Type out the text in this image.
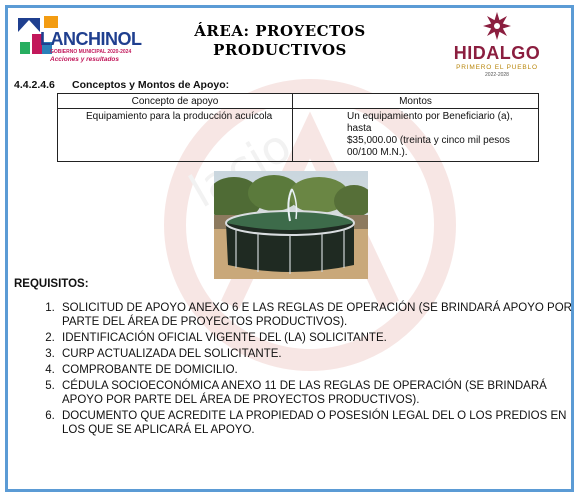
LANCHINOL
GOBIERNO MUNICIPAL 2020-2024
Acciones y resultados
ÁREA: PROYECTOS
PRODUCTIVOS	HIDALGO
PRIMERO EL PUEBLO
2022-2028
4.4.2.4.6 Conceptos y Montos de Apoyo:
Concepto de apoyo	Montos

Equipamiento para la producción acuícola	Un equipamiento por Beneficiario (a),
hasta
$35,000.00 (treinta y cinco mil pesos
00/100 M.N.).
REQUISITOS:
1. SOLICITUD DE APOYO ANEXO 6 E LAS REGLAS DE OPERACIÓN (SE BRINDARÁ APOYO POR PARTE DEL ÁREA DE PROYECTOS PRODUCTIVOS).
2. IDENTIFICACIÓN OFICIAL VIGENTE DEL (LA) SOLICITANTE.
3. CURP ACTUALIZADA DEL SOLICITANTE.
4. COMPROBANTE DE DOMICILIO.
5. CÉDULA SOCIOECONÓMICA ANEXO 11 DE LAS REGLAS DE OPERACIÓN (SE BRINDARÁ APOYO POR PARTE DEL ÁREA DE PROYECTOS PRODUCTIVOS).
6. DOCUMENTO QUE ACREDITE LA PROPIEDAD O POSESIÓN LEGAL DEL O LOS PREDIOS EN LOS QUE SE APLICARÁ EL APOYO.
